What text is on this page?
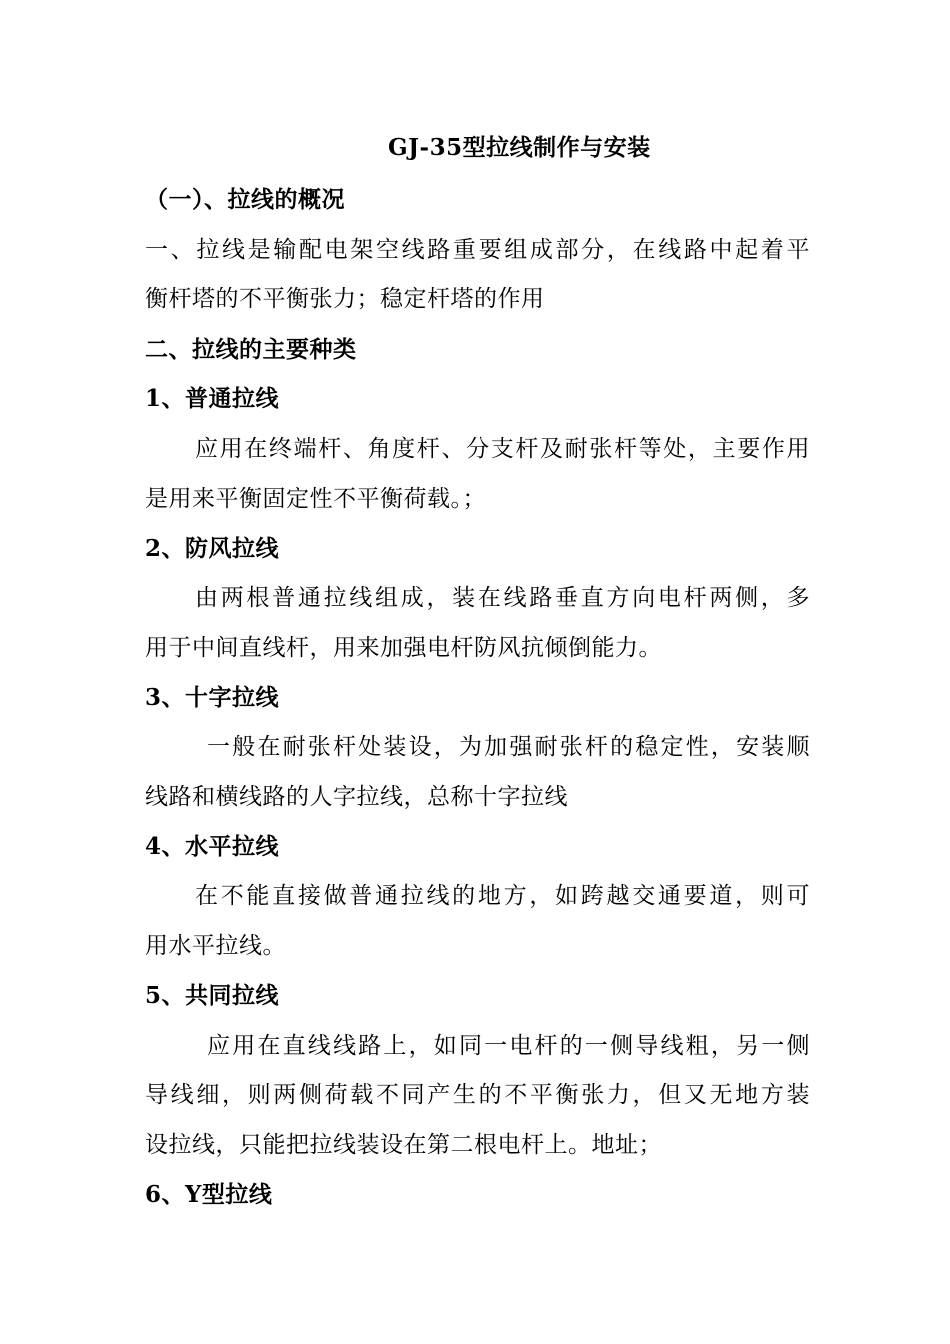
GJ-35型拉线制作与安装
（一）、拉线的概况
一、拉线是输配电架空线路重要组成部分，在线路中起着平
衡杆塔的不平衡张力；稳定杆塔的作用
二、拉线的主要种类
1、普通拉线
应用在终端杆、角度杆、分支杆及耐张杆等处，主要作用
是用来平衡固定性不平衡荷载。；
2、防风拉线
由两根普通拉线组成，装在线路垂直方向电杆两侧，多
用于中间直线杆，用来加强电杆防风抗倾倒能力。
3、十字拉线
一般在耐张杆处装设，为加强耐张杆的稳定性，安装顺
线路和横线路的人字拉线，总称十字拉线
4、水平拉线
在不能直接做普通拉线的地方，如跨越交通要道，则可
用水平拉线。
5、共同拉线
应用在直线线路上，如同一电杆的一侧导线粗，另一侧
导线细，则两侧荷载不同产生的不平衡张力，但又无地方装
设拉线，只能把拉线装设在第二根电杆上。地址；
6、Y型拉线
